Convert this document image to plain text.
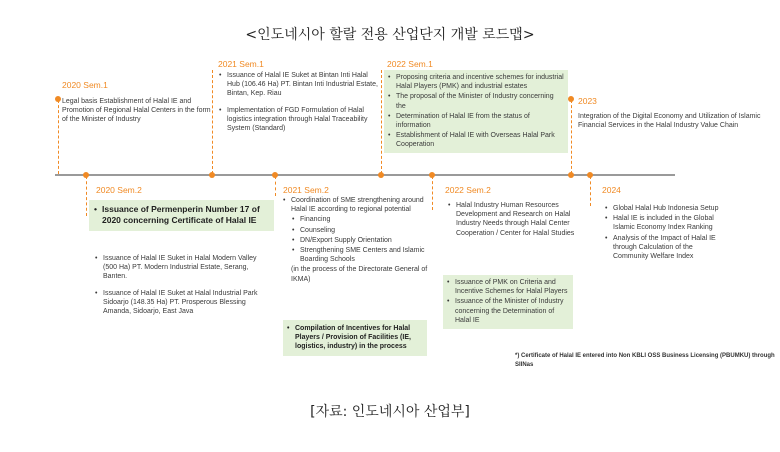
<인도네시아 할랄 전용 산업단지 개발 로드맵>
2020 Sem.1
Legal basis Establishment of Halal IE and Promotion of Regional Halal Centers in the form of the Minister of Industry
2021 Sem.1
• Issuance of Halal IE Suket at Bintan Inti Halal Hub (106.46 Ha) PT. Bintan Inti Industrial Estate, Bintan, Kep. Riau
• Implementation of FGD Formulation of Halal logistics integration through Halal Traceability System (Standard)
2022 Sem.1
• Proposing criteria and incentive schemes for industrial Halal Players (PMK) and industrial estates
• The proposal of the Minister of Industry concerning the
• Determination of Halal IE from the status of information
• Establishment of Halal IE with Overseas Halal Park Cooperation
2023
Integration of the Digital Economy and Utilization of Islamic Financial Services in the Halal Industry Value Chain
2020 Sem.2
• Issuance of Permenperin Number 17 of 2020 concerning Certificate of Halal IE
• Issuance of Halal IE Suket in Halal Modern Valley (500 Ha) PT. Modern Industrial Estate, Serang, Banten.
• Issuance of Halal IE Suket at Halal Industrial Park Sidoarjo (148.35 Ha) PT. Prosperous Blessing Amanda, Sidoarjo, East Java
2021 Sem.2
• Coordination of SME strengthening around Halal IE according to regional potential
• Financing
• Counseling
• DN/Export Supply Orientation
• Strengthening SME Centers and Islamic Boarding Schools
(in the process of the Directorate General of IKMA)
• Compilation of Incentives for Halal Players / Provision of Facilities (IE, logistics, industry) in the process
2022 Sem.2
• Halal Industry Human Resources Development and Research on Halal Industry Needs through Halal Center Cooperation / Center for Halal Studies
• Issuance of PMK on Criteria and Incentive Schemes for Halal Players
• Issuance of the Minister of Industry concerning the Determination of Halal IE
2024
• Global Halal Hub Indonesia Setup
• Halal IE is included in the Global Islamic Economy Index Ranking
• Analysis of the Impact of Halal IE through Calculation of the Community Welfare Index
*) Certificate of Halal IE entered into Non KBLI OSS Business Licensing (PBUMKU) through SIINas
[자료: 인도네시아 산업부]
